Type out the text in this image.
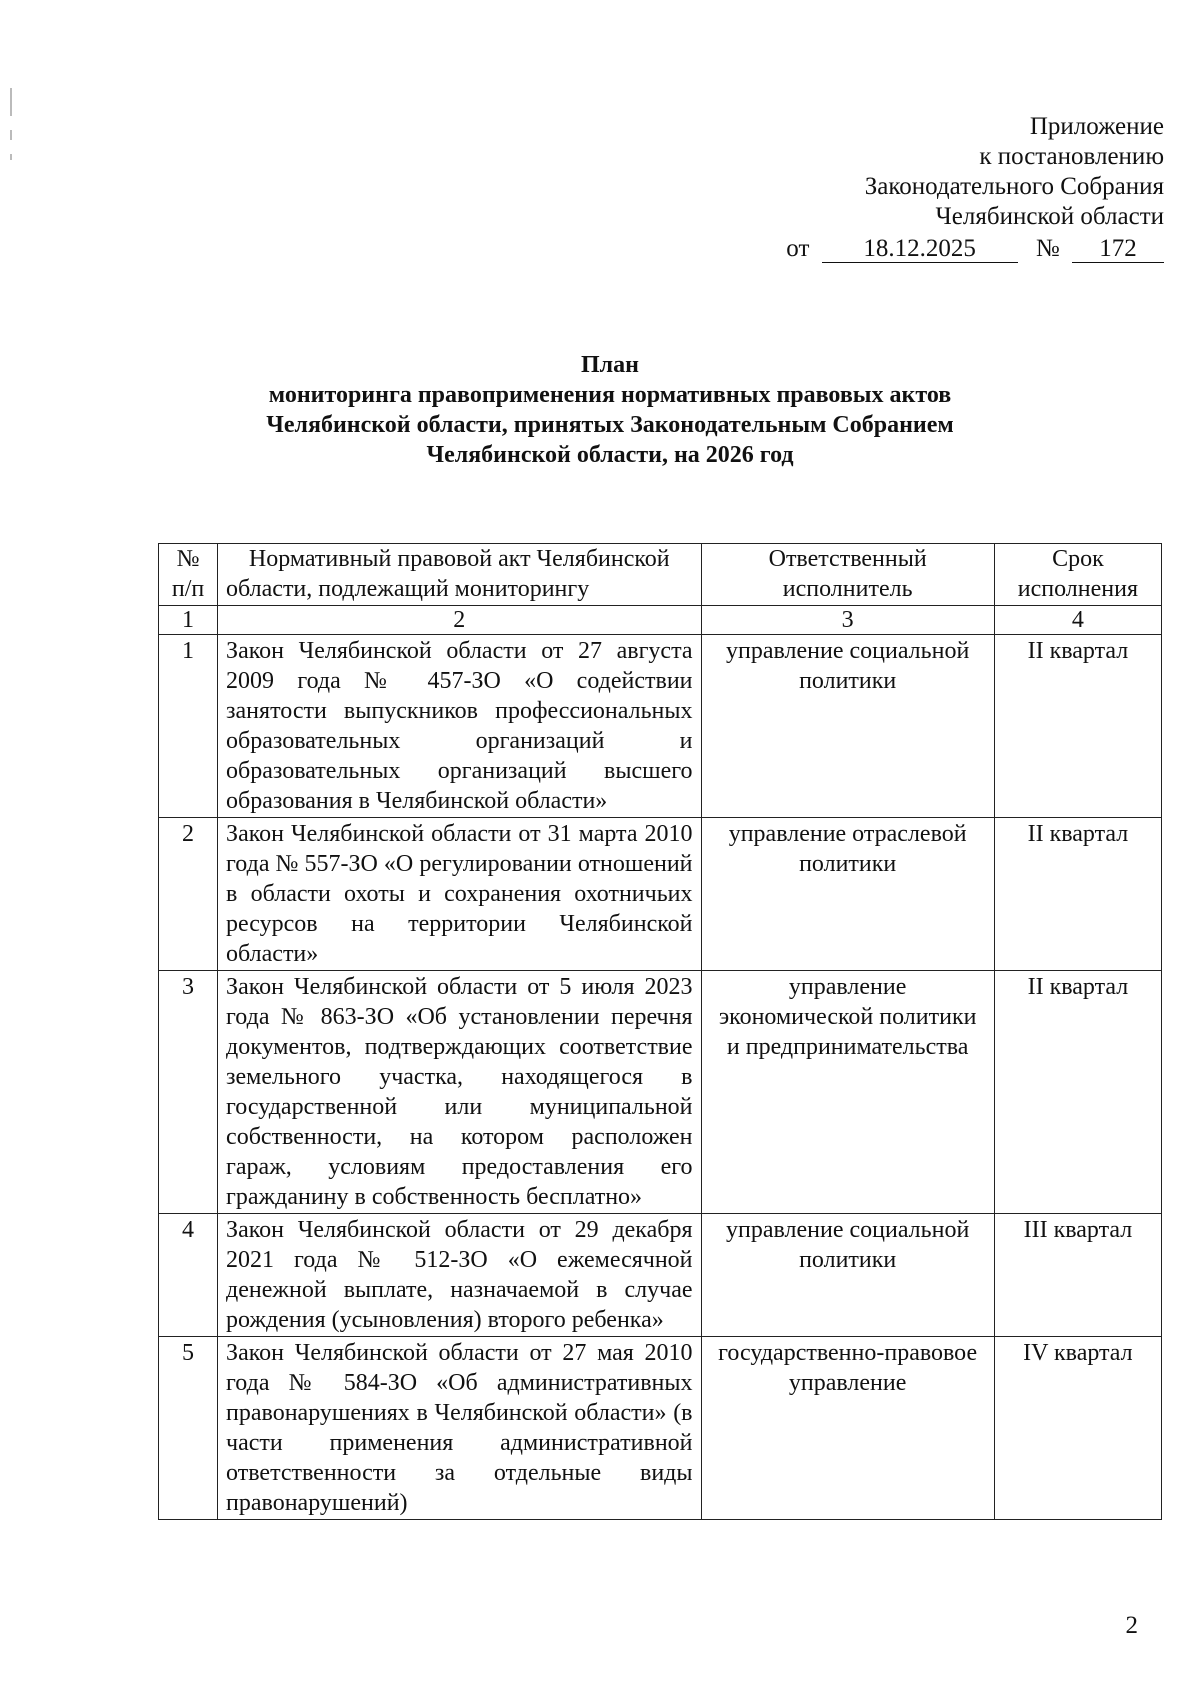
Приложение
к постановлению
Законодательного Собрания
Челябинской области
от 18.12.2025 № 172
План
мониторинга правоприменения нормативных правовых актов
Челябинской области, принятых Законодательным Собранием
Челябинской области, на 2026 год
№ п/п	Нормативный правовой акт Челябинской области, подлежащий мониторингу	Ответственный исполнитель	Срок исполнения
1	2	3	4
1	Закон Челябинской области от 27 августа 2009 года № 457-ЗО «О содействии занятости выпускников профессиональных образовательных организаций и образовательных организаций высшего образования в Челябинской области»	управление социальной политики	II квартал
2	Закон Челябинской области от 31 марта 2010 года № 557-ЗО «О регулировании отношений в области охоты и сохранения охотничьих ресурсов на территории Челябинской области»	управление отраслевой политики	II квартал
3	Закон Челябинской области от 5 июля 2023 года № 863-ЗО «Об установлении перечня документов, подтверждающих соответствие земельного участка, находящегося в государственной или муниципальной собственности, на котором расположен гараж, условиям предоставления его гражданину в собственность бесплатно»	управление экономической политики и предпринимательства	II квартал
4	Закон Челябинской области от 29 декабря 2021 года № 512-ЗО «О ежемесячной денежной выплате, назначаемой в случае рождения (усыновления) второго ребенка»	управление социальной политики	III квартал
5	Закон Челябинской области от 27 мая 2010 года № 584-ЗО «Об административных правонарушениях в Челябинской области» (в части применения административной ответственности за отдельные виды правонарушений)	государственно-правовое управление	IV квартал
2
